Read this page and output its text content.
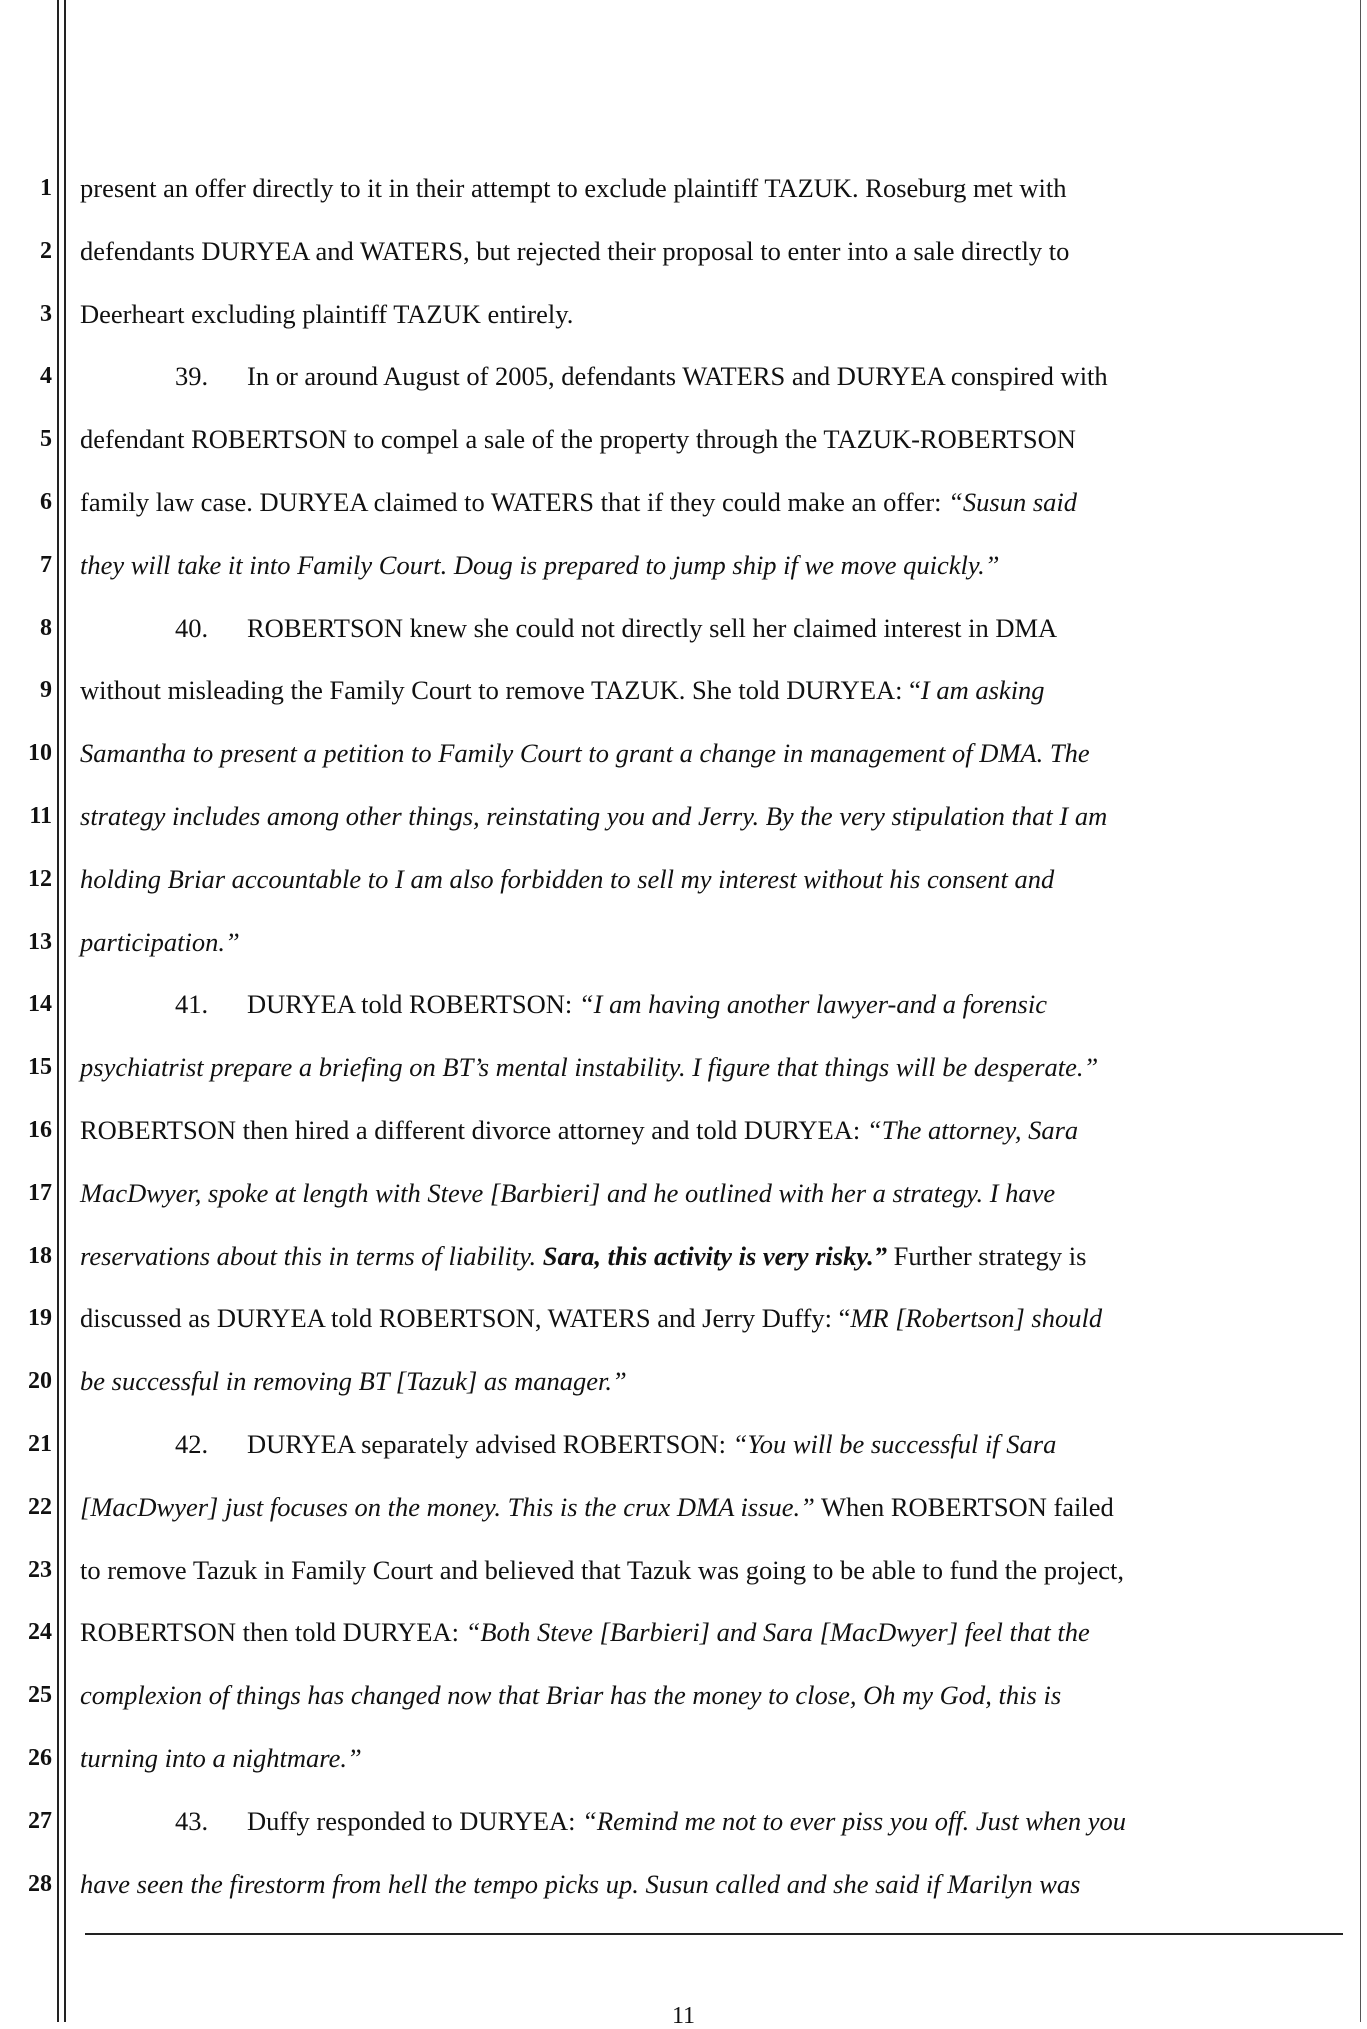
1 present an offer directly to it in their attempt to exclude plaintiff TAZUK. Roseburg met with
2 defendants DURYEA and WATERS, but rejected their proposal to enter into a sale directly to
3 Deerheart excluding plaintiff TAZUK entirely.
4	39. In or around August of 2005, defendants WATERS and DURYEA conspired with
5 defendant ROBERTSON to compel a sale of the property through the TAZUK-ROBERTSON
6 family law case. DURYEA claimed to WATERS that if they could make an offer: “Susun said
7 they will take it into Family Court. Doug is prepared to jump ship if we move quickly.”
8	40. ROBERTSON knew she could not directly sell her claimed interest in DMA
9 without misleading the Family Court to remove TAZUK. She told DURYEA: “I am asking
10 Samantha to present a petition to Family Court to grant a change in management of DMA. The
11 strategy includes among other things, reinstating you and Jerry. By the very stipulation that I am
12 holding Briar accountable to I am also forbidden to sell my interest without his consent and
13 participation.”
14	41. DURYEA told ROBERTSON: “I am having another lawyer-and a forensic
15 psychiatrist prepare a briefing on BT’s mental instability. I figure that things will be desperate.”
16 ROBERTSON then hired a different divorce attorney and told DURYEA: “The attorney, Sara
17 MacDwyer, spoke at length with Steve [Barbieri] and he outlined with her a strategy. I have
18 reservations about this in terms of liability. Sara, this activity is very risky.” Further strategy is
19 discussed as DURYEA told ROBERTSON, WATERS and Jerry Duffy: “MR [Robertson] should
20 be successful in removing BT [Tazuk] as manager.”
21	42. DURYEA separately advised ROBERTSON: “You will be successful if Sara
22 [MacDwyer] just focuses on the money. This is the crux DMA issue.” When ROBERTSON failed
23 to remove Tazuk in Family Court and believed that Tazuk was going to be able to fund the project,
24 ROBERTSON then told DURYEA: “Both Steve [Barbieri] and Sara [MacDwyer] feel that the
25 complexion of things has changed now that Briar has the money to close, Oh my God, this is
26 turning into a nightmare.”
27	43. Duffy responded to DURYEA: “Remind me not to ever piss you off. Just when you
28 have seen the firestorm from hell the tempo picks up. Susun called and she said if Marilyn was
11
